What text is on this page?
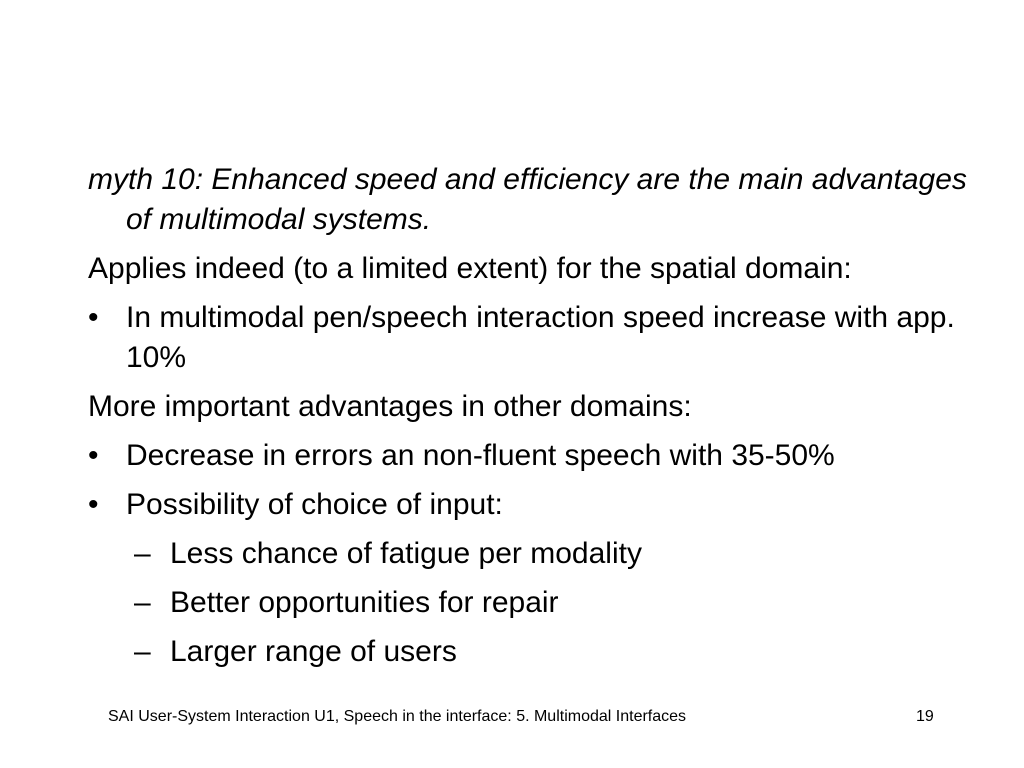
myth 10: Enhanced speed and efficiency are the main advantages of multimodal systems.

Applies indeed (to a limited extent) for the spatial domain:

• In multimodal pen/speech interaction speed increase with app. 10%

More important advantages in other domains:

• Decrease in errors an non-fluent speech with 35-50%
• Possibility of choice of input:
– Less chance of fatigue per modality
– Better opportunities for repair
– Larger range of users
SAI User-System Interaction U1, Speech in the interface: 5. Multimodal Interfaces	19
